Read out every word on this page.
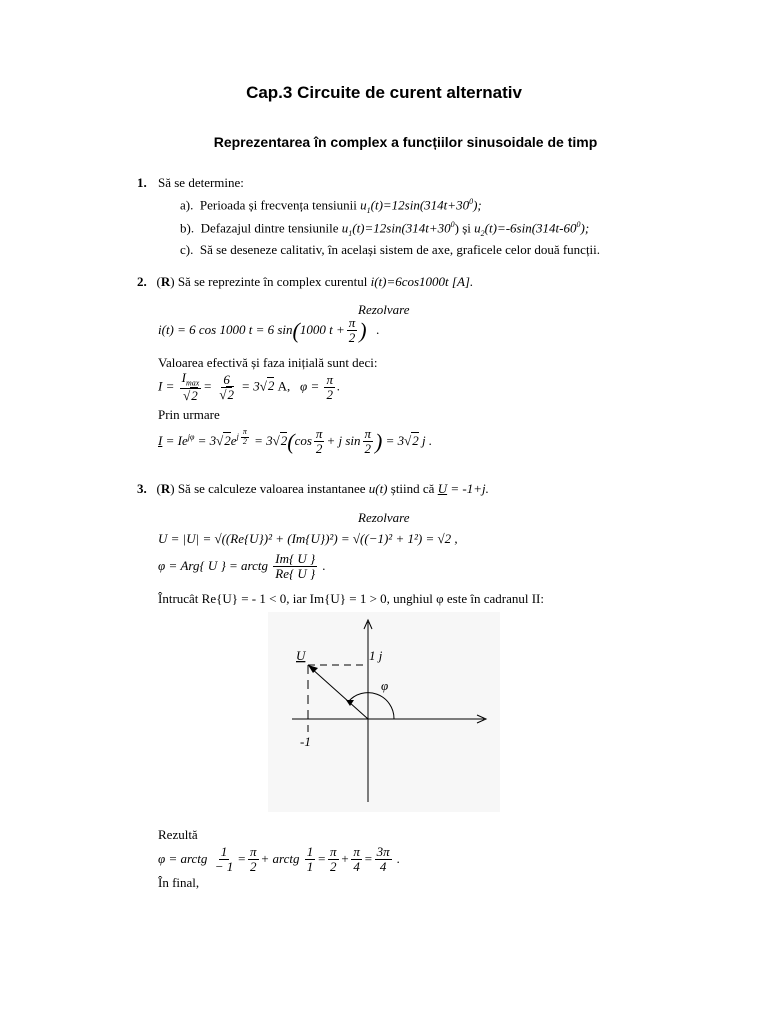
Cap.3 Circuite de curent alternativ
Reprezentarea în complex a funcțiilor sinusoidale de timp
1. Să se determine:
a). Perioada și frecvența tensiunii $u_1(t)=12\sin(314t+30^0)$;
b). Defazajul dintre tensiunile $u_1(t)=12\sin(314t+30^0)$ și $u_2(t)=-6\sin(314t-60^0)$;
c). Să se deseneze calitativ, în același sistem de axe, graficele celor două funcții.
2.   (R) Să se reprezinte în complex curentul i(t)=6cos1000t [A].
Rezolvare
i(t) = 6 cos 1000 t = 6 sin(1000 $t + \frac{\pi}{2}$ ) .
Valoarea efectivă și faza inițială sunt deci:
$I = \frac{I_{max}}{√2} = \frac{6}{√2} = 3√2$ A, $\varphi = \frac{\pi}{2}$ .
Prin urmare
$I = Ie^{j\varphi} = 3√2e^{j \frac{\pi}{2}} = 3√2(\cos \frac{\pi}{2} + j$ $\sin \frac{\pi}{2}$ ) = 3√2 j .
3.   (R) Să se calculeze valoarea instantanee u(t) știind că U = -1+j.
Rezolvare
U = |U| = √((Re{U})² + (Im{U})²) = √((−1)² + 1²) = √2 ,
φ = Arg{ U } = arctg $\frac{Im\{ U \}}{Re\{ U \}}$ .
Întrucât Re{U} = - 1 < 0, iar Im{U} = 1 > 0, unghiul φ este în cadranul II:
U	1 j
φ
-1
Rezultă
φ = arctg $\frac{1}{- 1} = \frac{\pi}{2}$ + arctg $\frac{1}{1} = \frac{\pi}{2} + \frac{\pi}{4} = \frac{3\pi}{4}$ .
În final,
